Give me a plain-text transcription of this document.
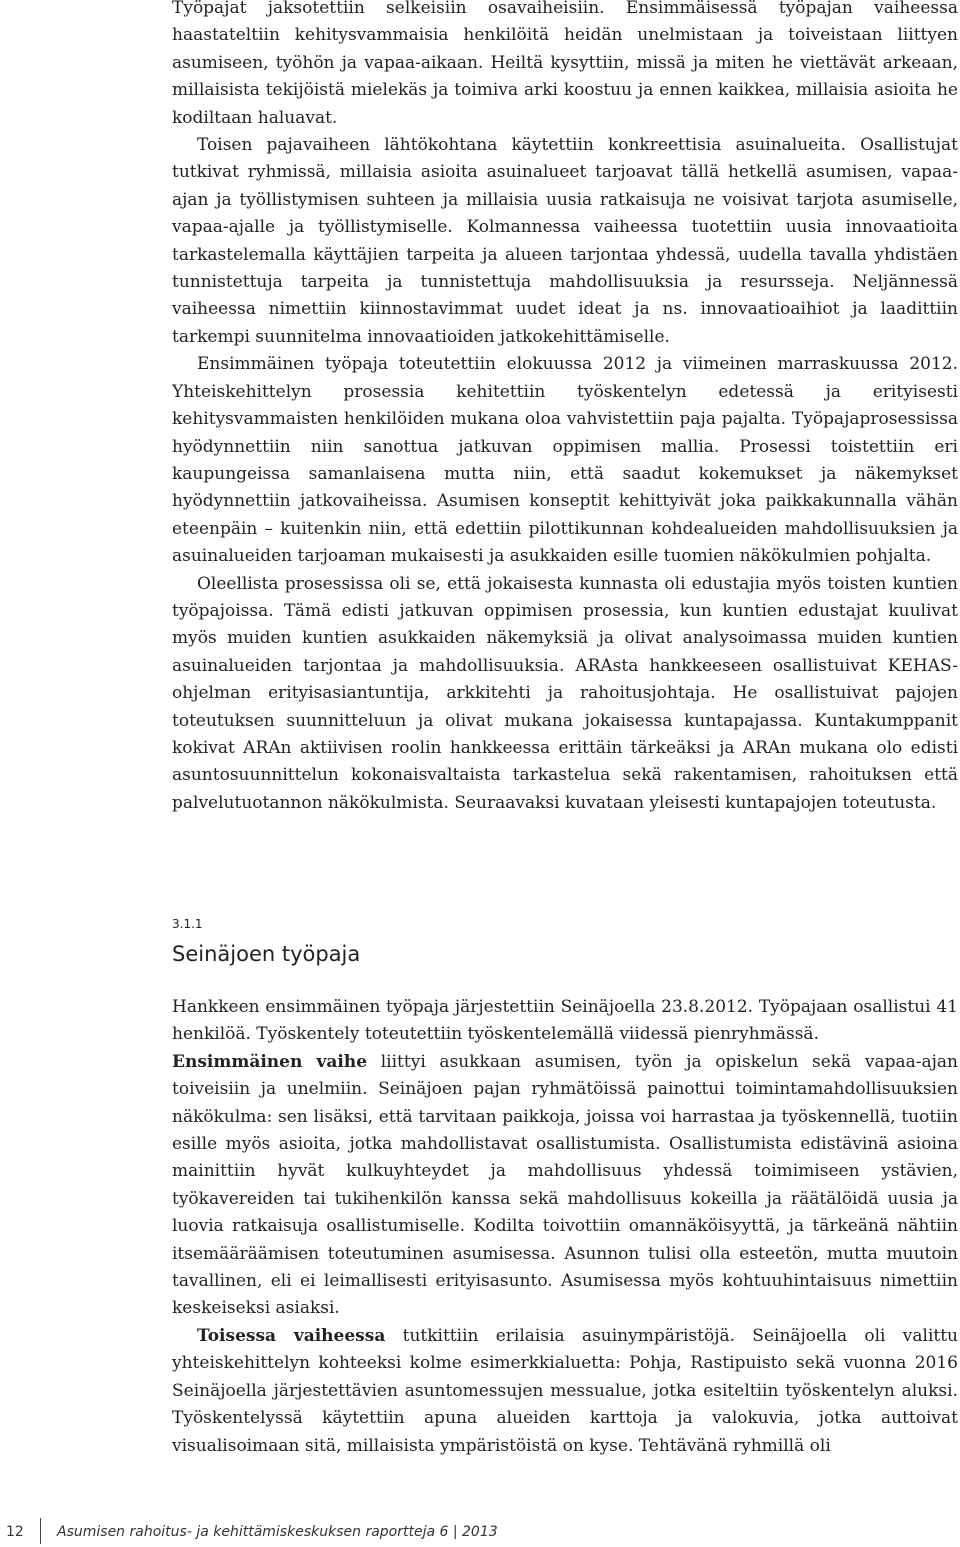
Työpajat jaksotettiin selkeisiin osavaiheisiin. Ensimmäisessä työpajan vaiheessa haastateltiin kehitysvammaisia henkilöitä heidän unelmistaan ja toiveistaan liittyen asumiseen, työhön ja vapaa-aikaan. Heiltä kysyttiin, missä ja miten he viettävät arkeaan, millaisista tekijöistä mielekäs ja toimiva arki koostuu ja ennen kaikkea, millaisia asioita he kodiltaan haluavat.

Toisen pajavaiheen lähtökohtana käytettiin konkreettisia asuinalueita. Osallistujat tutkivat ryhmissä, millaisia asioita asuinalueet tarjoavat tällä hetkellä asumisen, vapaa-ajan ja työllistymisen suhteen ja millaisia uusia ratkaisuja ne voisivat tarjota asumiselle, vapaa-ajalle ja työllistymiselle. Kolmannessa vaiheessa tuotettiin uusia innovaatioita tarkastelemalla käyttäjien tarpeita ja alueen tarjontaa yhdessä, uudella tavalla yhdistäen tunnistettuja tarpeita ja tunnistettuja mahdollisuuksia ja resursseja. Neljännessä vaiheessa nimettiin kiinnostavimmat uudet ideat ja ns. innovaatioaihiot ja laadittiin tarkempi suunnitelma innovaatioiden jatkokehittämiselle.

Ensimmäinen työpaja toteutettiin elokuussa 2012 ja viimeinen marraskuussa 2012. Yhteiskehittelyn prosessia kehitettiin työskentelyn edetessä ja erityisesti kehitysvammaisten henkilöiden mukana oloa vahvistettiin paja pajalta. Työpajaprosessissa hyödynnettiin niin sanottua jatkuvan oppimisen mallia. Prosessi toistettiin eri kaupungeissa samanlaisena mutta niin, että saadut kokemukset ja näkemykset hyödynnettiin jatkovaiheissa. Asumisen konseptit kehittyivät joka paikkakunnalla vähän eteenpäin – kuitenkin niin, että edettiin pilottikunnan kohdealueiden mahdollisuuksien ja asuinalueiden tarjoaman mukaisesti ja asukkaiden esille tuomien näkökulmien pohjalta.

Oleellista prosessissa oli se, että jokaisesta kunnasta oli edustajia myös toisten kuntien työpajoissa. Tämä edisti jatkuvan oppimisen prosessia, kun kuntien edustajat kuulivat myös muiden kuntien asukkaiden näkemyksiä ja olivat analysoimassa muiden kuntien asuinalueiden tarjontaa ja mahdollisuuksia. ARAsta hankkeeseen osallistuivat KEHAS-ohjelman erityisasiantuntija, arkkitehti ja rahoitusjohtaja. He osallistuivat pajojen toteutuksen suunnitteluun ja olivat mukana jokaisessa kuntapajassa. Kuntakumppanit kokivat ARAn aktiivisen roolin hankkeessa erittäin tärkeäksi ja ARAn mukana olo edisti asuntosuunnittelun kokonaisvaltaista tarkastelua sekä rakentamisen, rahoituksen että palvelutuotannon näkökulmista. Seuraavaksi kuvataan yleisesti kuntapajojen toteutusta.

3.1.1
Seinäjoen työpaja

Hankkeen ensimmäinen työpaja järjestettiin Seinäjoella 23.8.2012. Työpajaan osallistui 41 henkilöä. Työskentely toteutettiin työskentelemällä viidessä pienryhmässä.

Ensimmäinen vaihe liittyi asukkaan asumisen, työn ja opiskelun sekä vapaa-ajan toiveisiin ja unelmiin. Seinäjoen pajan ryhmätöissä painottui toimintamahdollisuuksien näkökulma: sen lisäksi, että tarvitaan paikkoja, joissa voi harrastaa ja työskennellä, tuotiin esille myös asioita, jotka mahdollistavat osallistumista. Osallistumista edistävinä asioina mainittiin hyvät kulkuyhteydet ja mahdollisuus yhdessä toimimiseen ystävien, työkavereiden tai tukihenkilön kanssa sekä mahdollisuus kokeilla ja räätälöidä uusia ja luovia ratkaisuja osallistumiselle. Kodilta toivottiin omannäköisyyttä, ja tärkeänä nähtiin itsemääräämisen toteutuminen asumisessa. Asunnon tulisi olla esteetön, mutta muutoin tavallinen, eli ei leimallisesti erityisasunto. Asumisessa myös kohtuuhintaisuus nimettiin keskeiseksi asiaksi.

Toisessa vaiheessa tutkittiin erilaisia asuinympäristöjä. Seinäjoella oli valittu yhteiskehittelyn kohteeksi kolme esimerkkialuetta: Pohja, Rastipuisto sekä vuonna 2016 Seinäjoella järjestettävien asuntomessujen messualue, jotka esiteltiin työskentelyn aluksi. Työskentelyssä käytettiin apuna alueiden karttoja ja valokuvia, jotka auttoivat visualisoimaan sitä, millaisista ympäristöistä on kyse. Tehtävänä ryhmillä oli

12 Asumisen rahoitus- ja kehittämiskeskuksen raportteja 6 | 2013
